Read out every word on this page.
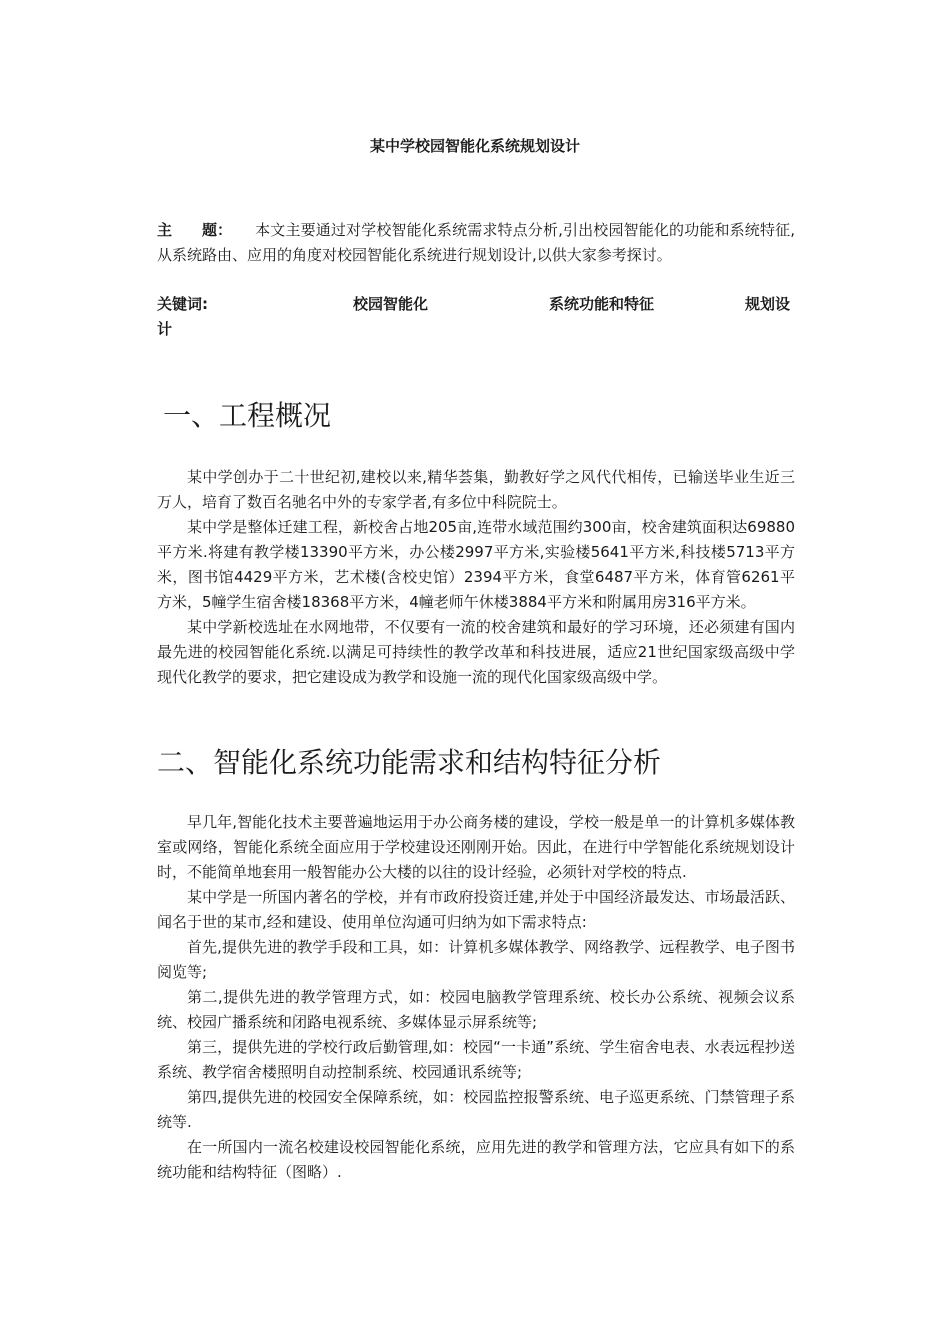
某中学校园智能化系统规划设计

主　　题： 本文主要通过对学校智能化系统需求特点分析,引出校园智能化的功能和系统特征,从系统路由、应用的角度对校园智能化系统进行规划设计,以供大家参考探讨。

关键词:	校园智能化	系统功能和特征	规划设
计
一、工程概况

某中学创办于二十世纪初,建校以来,精华荟集，勤教好学之风代代相传，已输送毕业生近三万人，培育了数百名驰名中外的专家学者,有多位中科院院士。

某中学是整体迁建工程，新校舍占地205亩,连带水域范围约300亩，校舍建筑面积达69880平方米.将建有教学楼13390平方米，办公楼2997平方米,实验楼5641平方米,科技楼5713平方米，图书馆4429平方米，艺术楼(含校史馆）2394平方米，食堂6487平方米，体育管6261平方米，5幢学生宿舍楼18368平方米，4幢老师午休楼3884平方米和附属用房316平方米。

某中学新校选址在水网地带，不仅要有一流的校舍建筑和最好的学习环境，还必须建有国内最先进的校园智能化系统.以满足可持续性的教学改革和科技进展，适应21世纪国家级高级中学现代化教学的要求，把它建设成为教学和设施一流的现代化国家级高级中学。

二、智能化系统功能需求和结构特征分析

早几年,智能化技术主要普遍地运用于办公商务楼的建设，学校一般是单一的计算机多媒体教室或网络，智能化系统全面应用于学校建设还刚刚开始。因此，在进行中学智能化系统规划设计时，不能简单地套用一般智能办公大楼的以往的设计经验，必须针对学校的特点.

某中学是一所国内著名的学校，并有市政府投资迁建,并处于中国经济最发达、市场最活跃、闻名于世的某市,经和建设、使用单位沟通可归纳为如下需求特点:

首先,提供先进的教学手段和工具，如：计算机多媒体教学、网络教学、远程教学、电子图书阅览等;

第二,提供先进的教学管理方式，如：校园电脑教学管理系统、校长办公系统、视频会议系统、校园广播系统和闭路电视系统、多媒体显示屏系统等;

第三，提供先进的学校行政后勤管理,如：校园“一卡通”系统、学生宿舍电表、水表远程抄送系统、教学宿舍楼照明自动控制系统、校园通讯系统等;

第四,提供先进的校园安全保障系统，如：校园监控报警系统、电子巡更系统、门禁管理子系统等.

在一所国内一流名校建设校园智能化系统，应用先进的教学和管理方法，它应具有如下的系统功能和结构特征（图略）.
